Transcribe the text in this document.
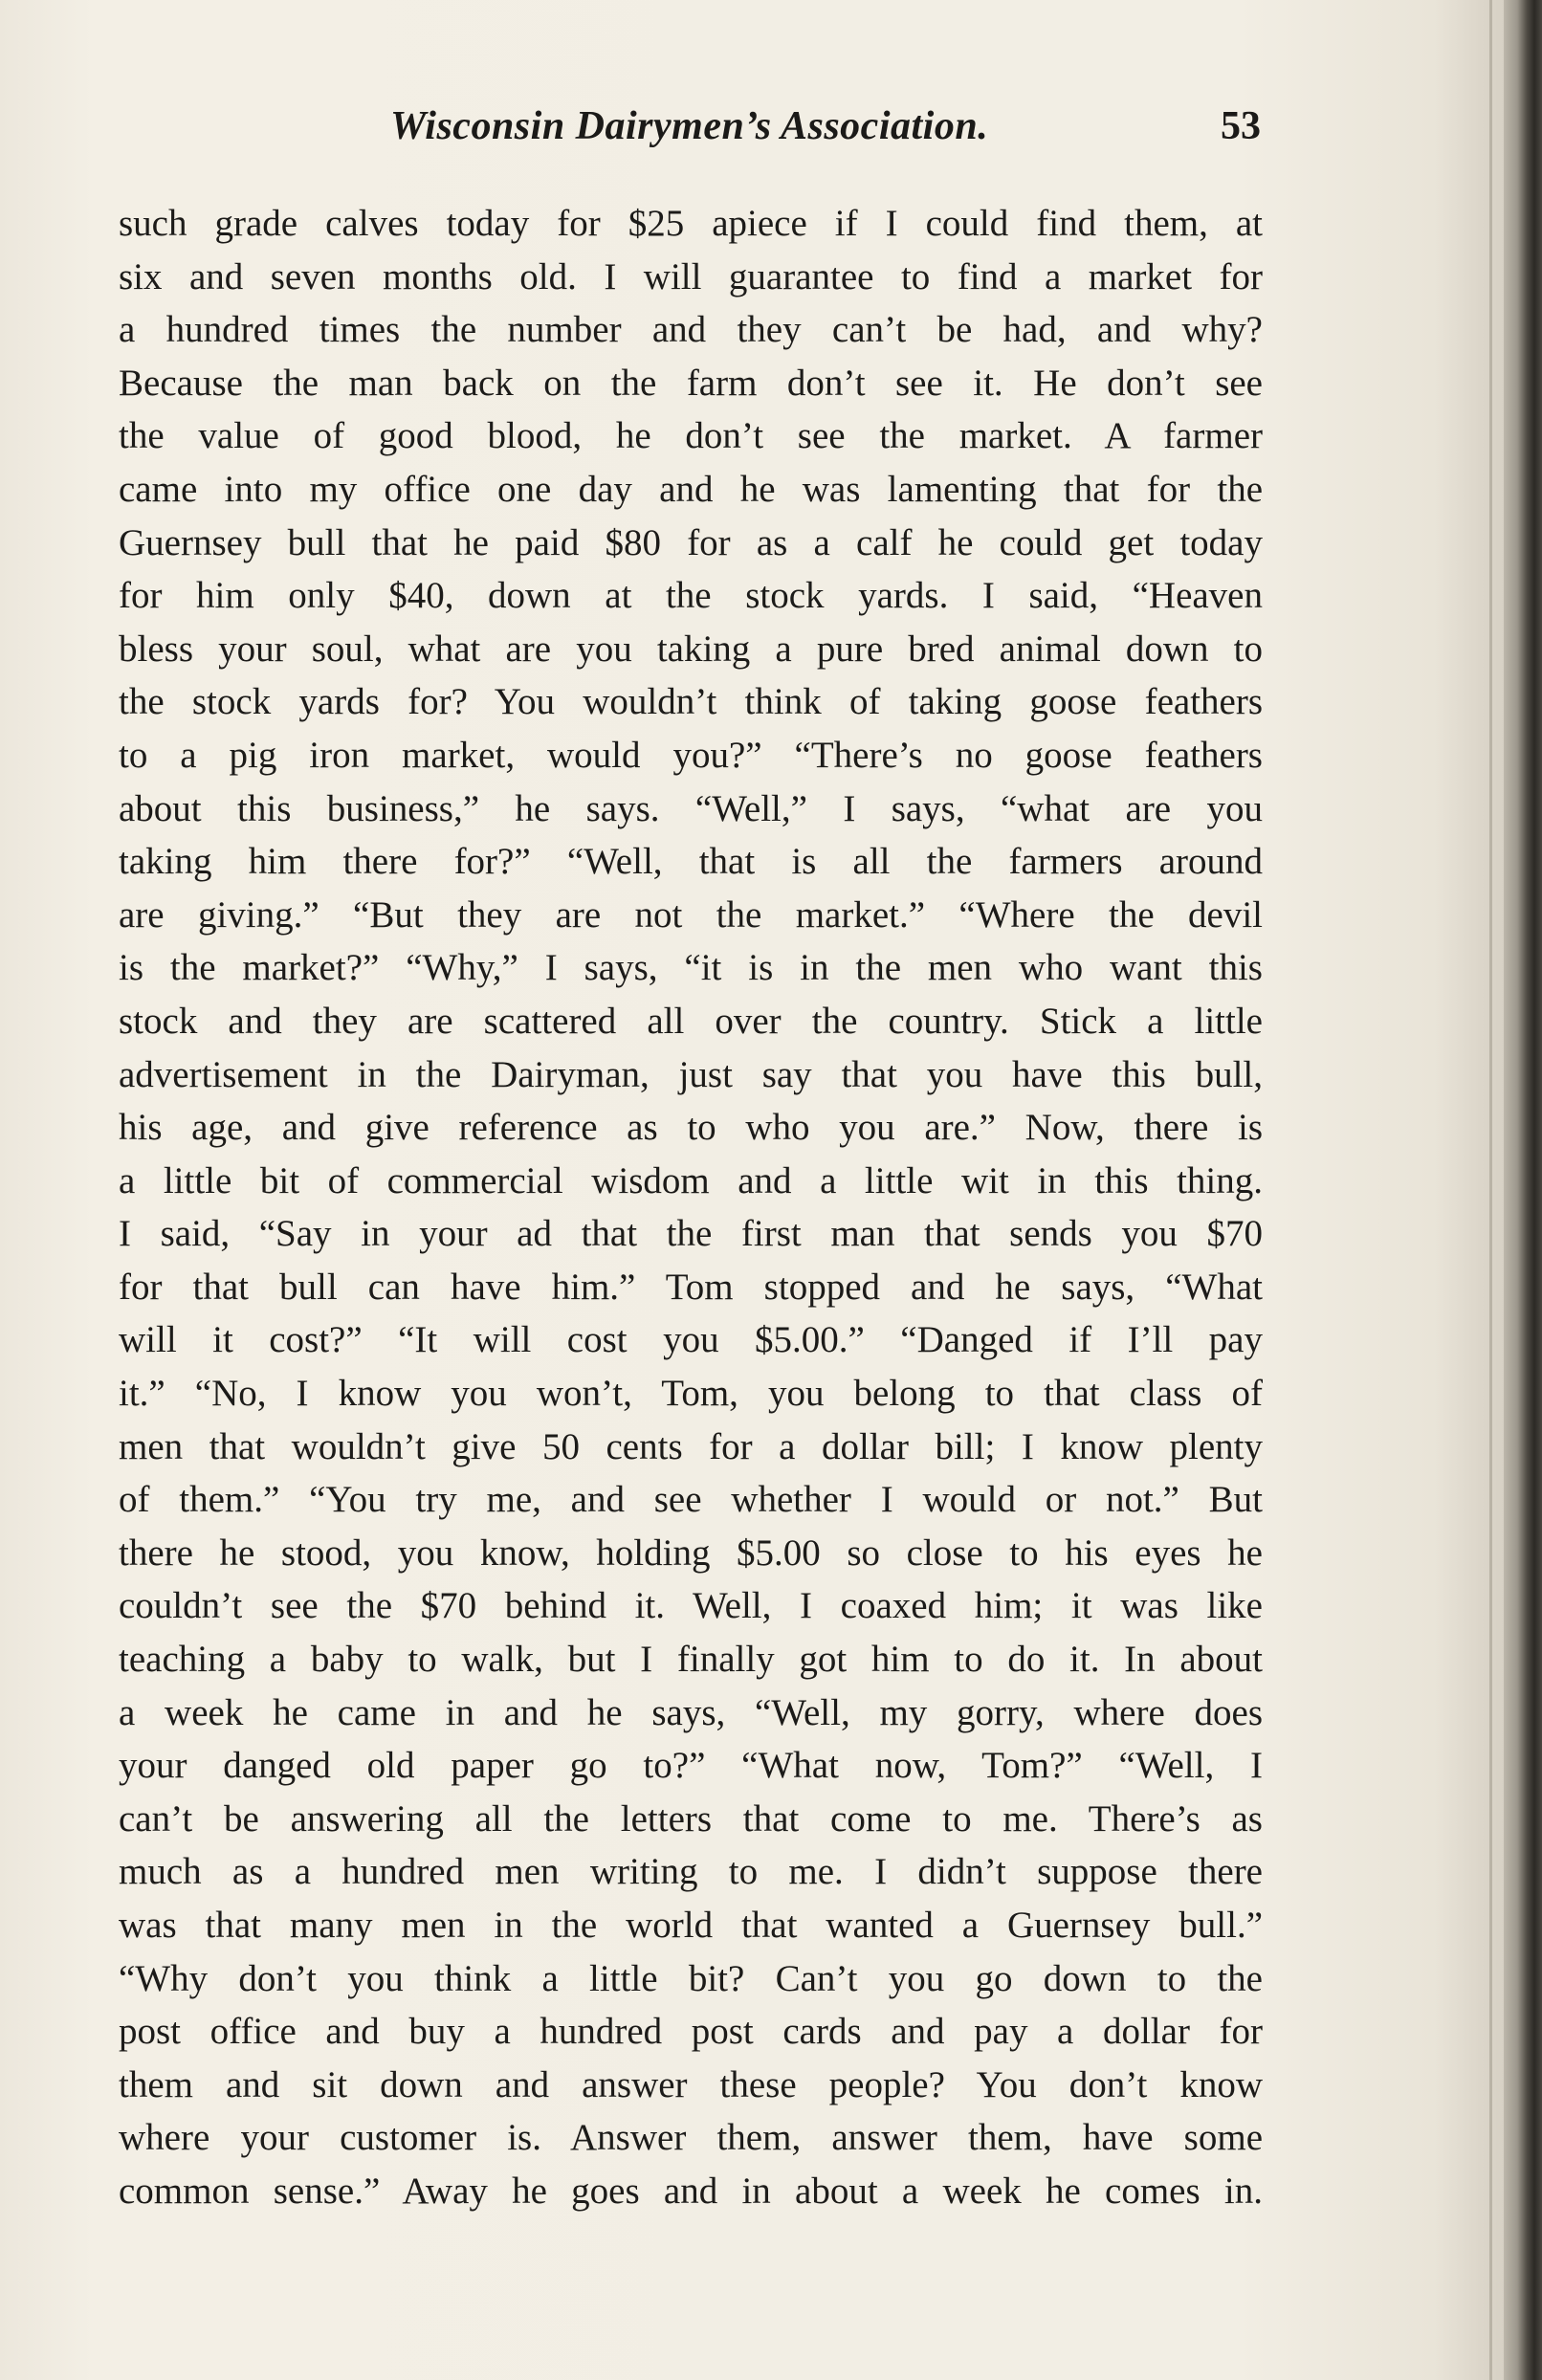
Wisconsin Dairymen’s Association.	53
such grade calves today for $25 apiece if I could find them, at
six and seven months old. I will guarantee to find a market for
a hundred times the number and they can’t be had, and why?
Because the man back on the farm don’t see it. He don’t see
the value of good blood, he don’t see the market. A farmer
came into my office one day and he was lamenting that for the
Guernsey bull that he paid $80 for as a calf he could get today
for him only $40, down at the stock yards. I said, “Heaven
bless your soul, what are you taking a pure bred animal down to
the stock yards for? You wouldn’t think of taking goose feathers
to a pig iron market, would you?” “There’s no goose feathers
about this business,” he says. “Well,” I says, “what are you
taking him there for?” “Well, that is all the farmers around
are giving.” “But they are not the market.” “Where the devil
is the market?” “Why,” I says, “it is in the men who want this
stock and they are scattered all over the country. Stick a little
advertisement in the Dairyman, just say that you have this bull,
his age, and give reference as to who you are.” Now, there is
a little bit of commercial wisdom and a little wit in this thing.
I said, “Say in your ad that the first man that sends you $70
for that bull can have him.” Tom stopped and he says, “What
will it cost?” “It will cost you $5.00.” “Danged if I’ll pay
it.” “No, I know you won’t, Tom, you belong to that class of
men that wouldn’t give 50 cents for a dollar bill; I know plenty
of them.” “You try me, and see whether I would or not.” But
there he stood, you know, holding $5.00 so close to his eyes he
couldn’t see the $70 behind it. Well, I coaxed him; it was like
teaching a baby to walk, but I finally got him to do it. In about
a week he came in and he says, “Well, my gorry, where does
your danged old paper go to?” “What now, Tom?” “Well, I
can’t be answering all the letters that come to me. There’s as
much as a hundred men writing to me. I didn’t suppose there
was that many men in the world that wanted a Guernsey bull.”
“Why don’t you think a little bit? Can’t you go down to the
post office and buy a hundred post cards and pay a dollar for
them and sit down and answer these people? You don’t know
where your customer is. Answer them, answer them, have some
common sense.” Away he goes and in about a week he comes in.
